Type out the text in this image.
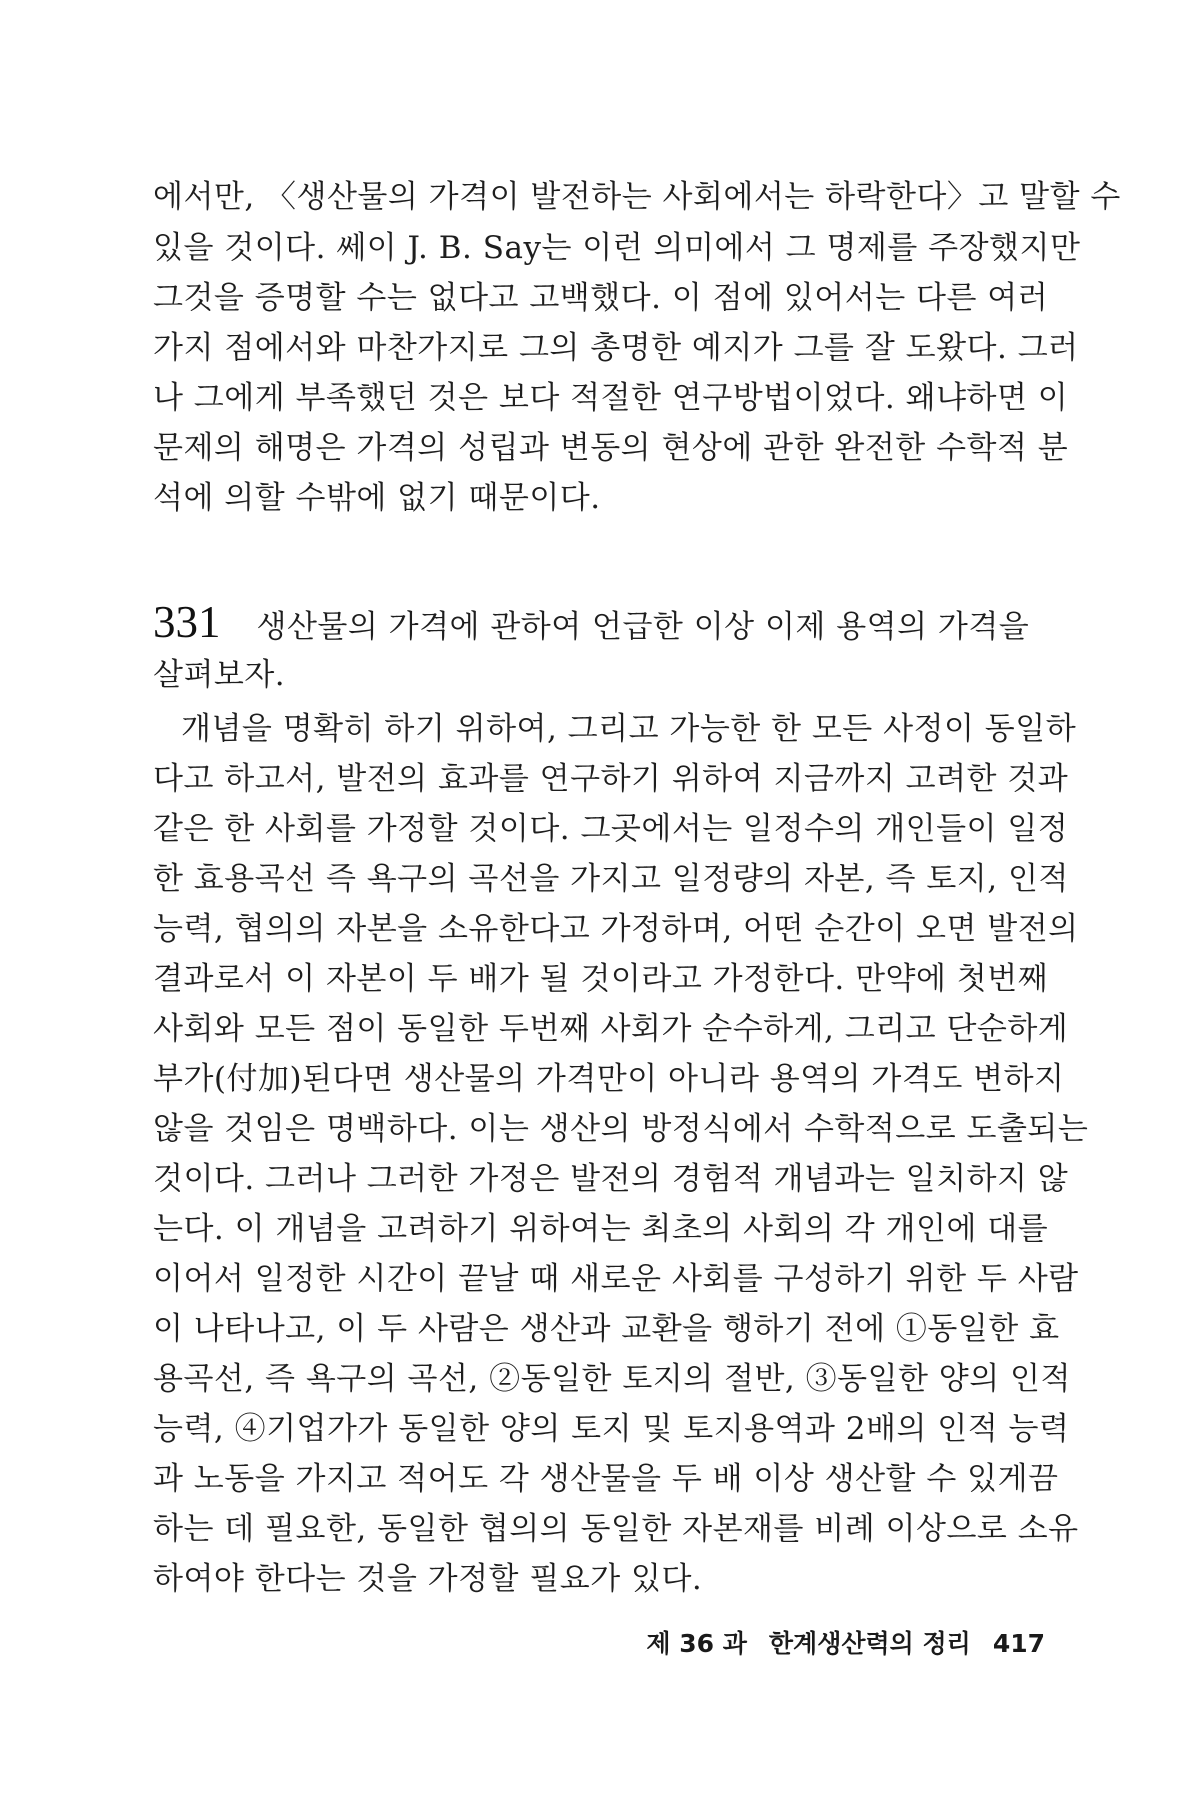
에서만, 〈생산물의 가격이 발전하는 사회에서는 하락한다〉고 말할 수
있을 것이다. 쎄이 J. B. Say는 이런 의미에서 그 명제를 주장했지만
그것을 증명할 수는 없다고 고백했다. 이 점에 있어서는 다른 여러
가지 점에서와 마찬가지로 그의 총명한 예지가 그를 잘 도왔다. 그러
나 그에게 부족했던 것은 보다 적절한 연구방법이었다. 왜냐하면 이
문제의 해명은 가격의 성립과 변동의 현상에 관한 완전한 수학적 분
석에 의할 수밖에 없기 때문이다.
331 생산물의 가격에 관하여 언급한 이상 이제 용역의 가격을
살펴보자.
개념을 명확히 하기 위하여, 그리고 가능한 한 모든 사정이 동일하
다고 하고서, 발전의 효과를 연구하기 위하여 지금까지 고려한 것과
같은 한 사회를 가정할 것이다. 그곳에서는 일정수의 개인들이 일정
한 효용곡선 즉 욕구의 곡선을 가지고 일정량의 자본, 즉 토지, 인적
능력, 협의의 자본을 소유한다고 가정하며, 어떤 순간이 오면 발전의
결과로서 이 자본이 두 배가 될 것이라고 가정한다. 만약에 첫번째
사회와 모든 점이 동일한 두번째 사회가 순수하게, 그리고 단순하게
부가(付加)된다면 생산물의 가격만이 아니라 용역의 가격도 변하지
않을 것임은 명백하다. 이는 생산의 방정식에서 수학적으로 도출되는
것이다. 그러나 그러한 가정은 발전의 경험적 개념과는 일치하지 않
는다. 이 개념을 고려하기 위하여는 최초의 사회의 각 개인에 대를
이어서 일정한 시간이 끝날 때 새로운 사회를 구성하기 위한 두 사람
이 나타나고, 이 두 사람은 생산과 교환을 행하기 전에 ①동일한 효
용곡선, 즉 욕구의 곡선, ②동일한 토지의 절반, ③동일한 양의 인적
능력, ④기업가가 동일한 양의 토지 및 토지용역과 2배의 인적 능력
과 노동을 가지고 적어도 각 생산물을 두 배 이상 생산할 수 있게끔
하는 데 필요한, 동일한 협의의 동일한 자본재를 비례 이상으로 소유
하여야 한다는 것을 가정할 필요가 있다.
제 36 과 한계생산력의 정리 417
